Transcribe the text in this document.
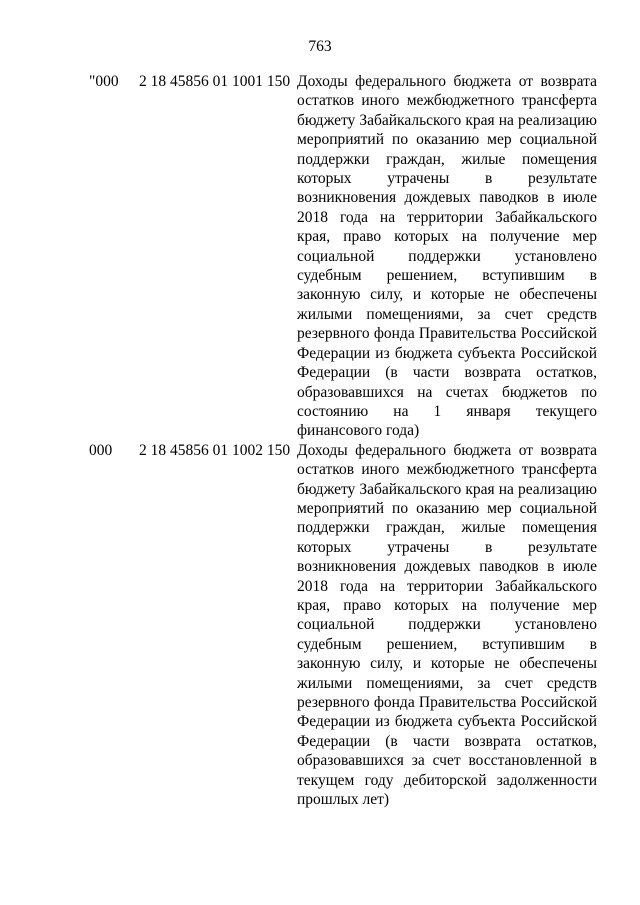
763
"000 2 18 45856 01 1001 150 Доходы федерального бюджета от возврата остатков иного межбюджетного трансферта бюджету Забайкальского края на реализацию мероприятий по оказанию мер социальной поддержки граждан, жилые помещения которых утрачены в результате возникновения дождевых паводков в июле 2018 года на территории Забайкальского края, право которых на получение мер социальной поддержки установлено судебным решением, вступившим в законную силу, и которые не обеспечены жилыми помещениями, за счет средств резервного фонда Правительства Российской Федерации из бюджета субъекта Российской Федерации (в части возврата остатков, образовавшихся на счетах бюджетов по состоянию на 1 января текущего финансового года)
000 2 18 45856 01 1002 150 Доходы федерального бюджета от возврата остатков иного межбюджетного трансферта бюджету Забайкальского края на реализацию мероприятий по оказанию мер социальной поддержки граждан, жилые помещения которых утрачены в результате возникновения дождевых паводков в июле 2018 года на территории Забайкальского края, право которых на получение мер социальной поддержки установлено судебным решением, вступившим в законную силу, и которые не обеспечены жилыми помещениями, за счет средств резервного фонда Правительства Российской Федерации из бюджета субъекта Российской Федерации (в части возврата остатков, образовавшихся за счет восстановленной в текущем году дебиторской задолженности прошлых лет)
